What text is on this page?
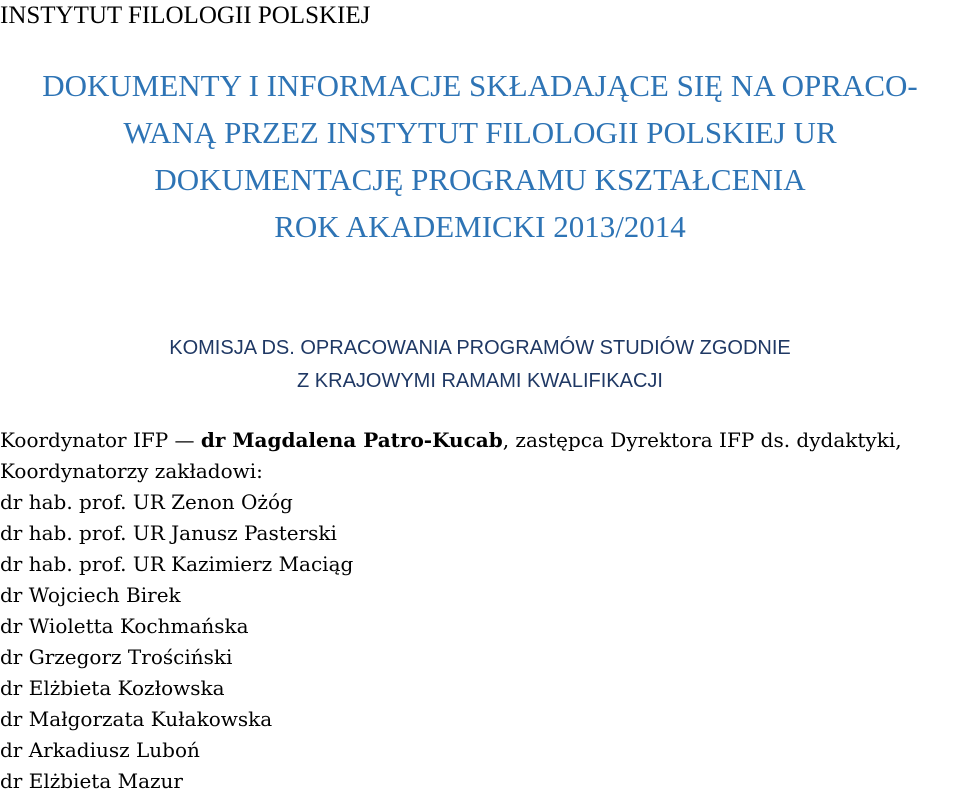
INSTYTUT FILOLOGII POLSKIEJ
DOKUMENTY I INFORMACJE SKŁADAJĄCE SIĘ NA OPRACO-
WANĄ PRZEZ INSTYTUT FILOLOGII POLSKIEJ UR
DOKUMENTACJĘ PROGRAMU KSZTAŁCENIA
ROK AKADEMICKI 2013/2014
KOMISJA DS. OPRACOWANIA PROGRAMÓW STUDIÓW ZGODNIE
Z KRAJOWYMI RAMAMI KWALIFIKACJI
Koordynator IFP — dr Magdalena Patro-Kucab, zastępca Dyrektora IFP ds. dydaktyki,
Koordynatorzy zakładowi:
dr hab. prof. UR Zenon Ożóg
dr hab. prof. UR Janusz Pasterski
dr hab. prof. UR Kazimierz Maciąg
dr Wojciech Birek
dr Wioletta Kochmańska
dr Grzegorz Trościński
dr Elżbieta Kozłowska
dr Małgorzata Kułakowska
dr Arkadiusz Luboń
dr Elżbieta Mazur
